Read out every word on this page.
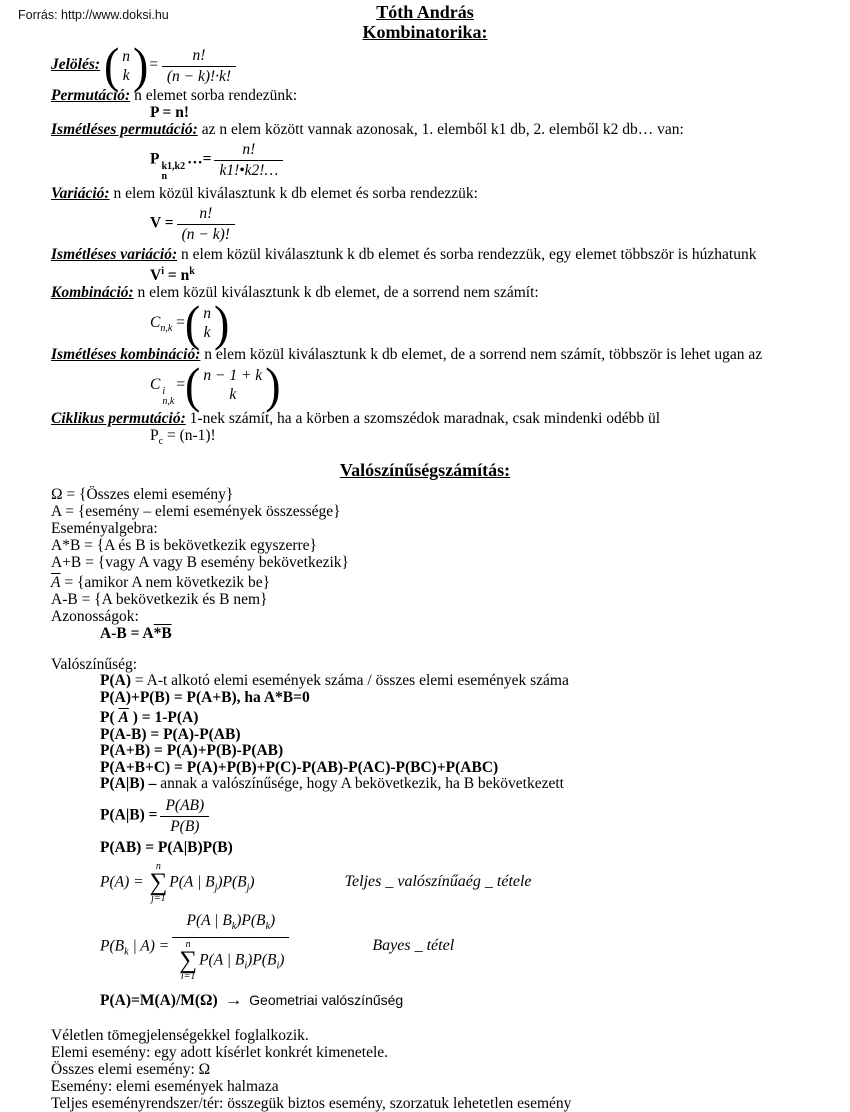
Forrás: http://www.doksi.hu	Tóth András
Kombinatorika:
Jelölés: ( n
k ) = $\frac{n!}{(n - k)!\cdot k!}$
Permutáció: n elemet sorba rendezünk:
P = n!
Ismétléses permutáció: az n elem között vannak azonosak, 1. elemből k1 db, 2. elemből k2 db… van:
P k1,k2
n
…= $\frac{n!}{k1!•k2!\dots}$
Variáció: n elem közül kiválasztunk k db elemet és sorba rendezzük:
$V = \frac{n!}{(n - k)!}$
Ismétléses variáció: n elem közül kiválasztunk k db elemet és sorba rendezzük, egy elemet többször is húzhatunk
$V^i = n^k$
Kombináció: n elem közül kiválasztunk k db elemet, de a sorrend nem számít:
$C_{n,k}$ = ( n
k )
Ismétléses kombináció: n elem közül kiválasztunk k db elemet, de a sorrend nem számít, többször is lehet ugan az
C i
n,k
= ( n − 1 + k
k )
Ciklikus permutáció: 1-nek számít, ha a körben a szomszédok maradnak, csak mindenki odébb ül
$P_c = (n-1)$!
Valószínűségszámítás:
Ω = {Összes elemi esemény}
A = {esemény – elemi események összessége}
Eseményalgebra:
A*B = {A és B is bekövetkezik egyszerre}
A+B = {vagy A vagy B esemény bekövetkezik}
$\overline{A}$ = {amikor A nem következik be}
A-B = {A bekövetkezik és B nem}
Azonosságok:
A-B = A*B
Valószínűség:
P(A) = A-t alkotó elemi események száma / összes elemi események száma
P(A)+P(B) = P(A+B), ha A*B=0
P( $\overline{A}$ ) = 1-P(A)
P(A-B) = P(A)-P(AB)
P(A+B) = P(A)+P(B)-P(AB)
P(A+B+C) = P(A)+P(B)+P(C)-P(AB)-P(AC)-P(BC)+P(ABC)
P(A|B) – annak a valószínűsége, hogy A bekövetkezik, ha B bekövetkezett
$P(A|B) = \frac{P(AB)}{P(B)}$
P(AB) = P(A|B)P(B)
P(A) =
n
∑
j=1
P(A | $B_j)P(B_j)$	Teljes _ valószínűaég _ tétele
$P(B_k$ | A) = P(A | $B_k)P(B_k)$
n
∑
i=1
P(A | $B_i)P(B_i)$	Bayes _ tétel
P(A)=M(A)/M(Ω) → Geometriai valószínűség
Véletlen tömegjelenségekkel foglalkozik.
Elemi esemény: egy adott kísérlet konkrét kimenetele.
Összes elemi esemény: Ω
Esemény: elemi események halmaza
Teljes eseményrendszer/tér: összegük biztos esemény, szorzatuk lehetetlen esemény
